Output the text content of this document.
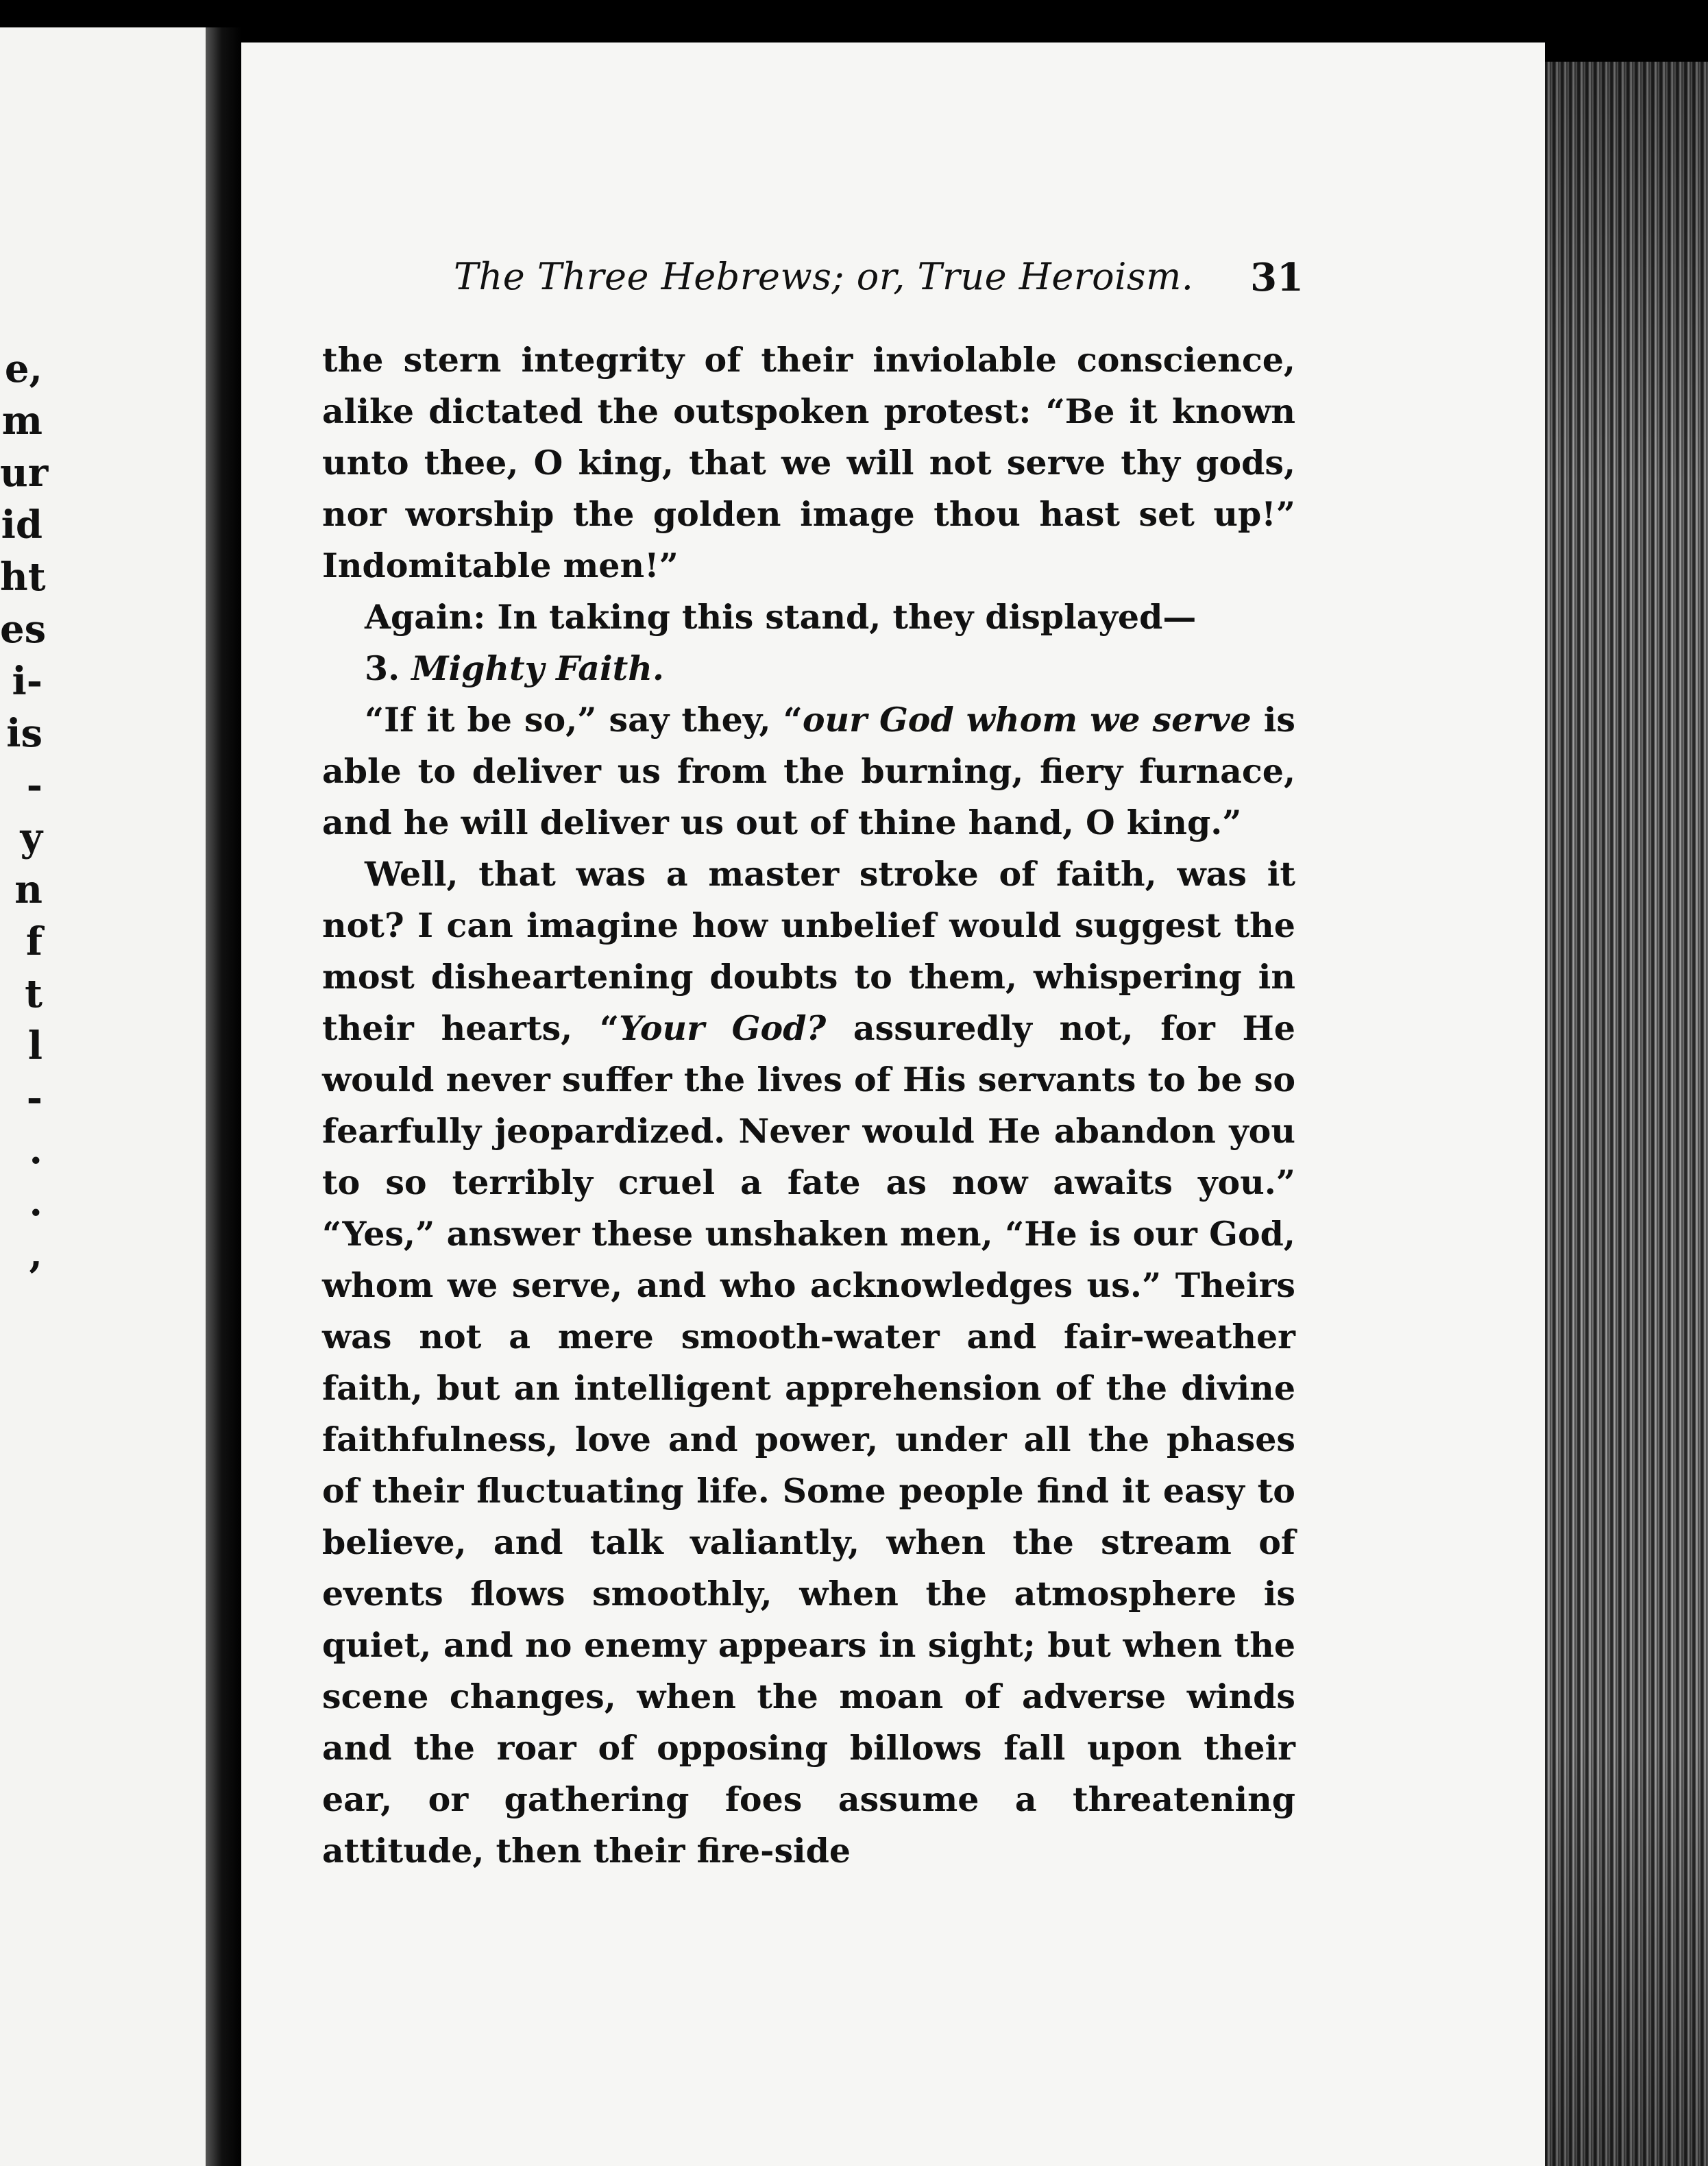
e,
m
ur
id
ht
es
i-
is
-
y
n
f
t
l
-
.
.
,
The Three Hebrews; or, True Heroism. 31

the stern integrity of their inviolable conscience, alike dictated the outspoken protest: “Be it known unto thee, O king, that we will not serve thy gods, nor worship the golden image thou hast set up!” Indomitable men!”

Again: In taking this stand, they displayed—

3. Mighty Faith.

“If it be so,” say they, “our God whom we serve is able to deliver us from the burning, fiery furnace, and he will deliver us out of thine hand, O king.”

Well, that was a master stroke of faith, was it not? I can imagine how unbelief would suggest the most disheartening doubts to them, whispering in their hearts, “Your God? assuredly not, for He would never suffer the lives of His servants to be so fearfully jeopardized. Never would He abandon you to so terribly cruel a fate as now awaits you.” “Yes,” answer these unshaken men, “He is our God, whom we serve, and who acknowledges us.” Theirs was not a mere smooth-water and fair-weather faith, but an intelligent apprehension of the divine faithfulness, love and power, under all the phases of their fluctuating life. Some people find it easy to believe, and talk valiantly, when the stream of events flows smoothly, when the atmosphere is quiet, and no enemy appears in sight; but when the scene changes, when the moan of adverse winds and the roar of opposing billows fall upon their ear, or gathering foes assume a threatening attitude, then their fire-side
